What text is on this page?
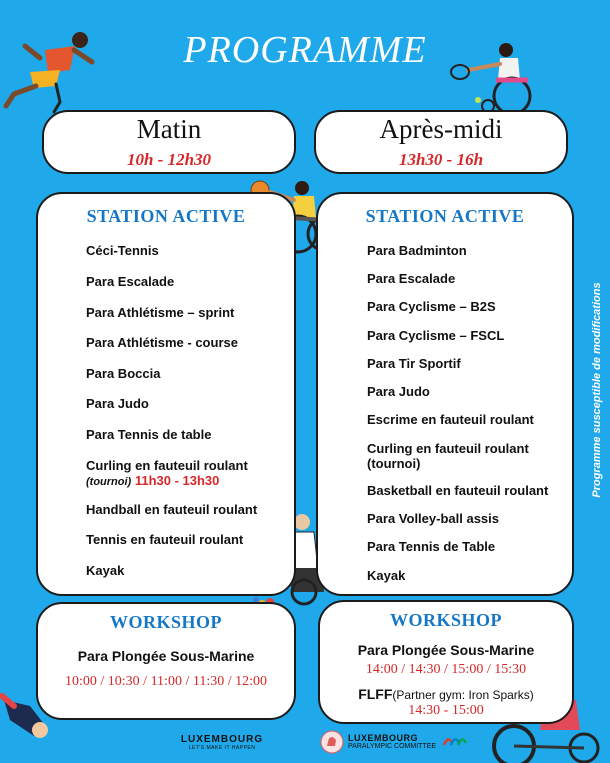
PROGRAMME
Matin
10h - 12h30
Après-midi
13h30 - 16h
STATION ACTIVE
Céci-Tennis
Para Escalade
Para Athlétisme – sprint
Para Athlétisme - course
Para Boccia
Para Judo
Para Tennis de table
Curling en fauteuil roulant
(tournoi) 11h30 - 13h30
Handball en fauteuil roulant
Tennis en fauteuil roulant
Kayak
STATION ACTIVE
Para Badminton
Para Escalade
Para Cyclisme – B2S
Para Cyclisme – FSCL
Para Tir Sportif
Para Judo
Escrime en fauteuil roulant
Curling en fauteuil roulant
(tournoi)
Basketball en fauteuil roulant
Para Volley-ball assis
Para Tennis de Table
Kayak
WORKSHOP
Para Plongée Sous-Marine
10:00 / 10:30 / 11:00 / 11:30 / 12:00
WORKSHOP
Para Plongée Sous-Marine
14:00 / 14:30 / 15:00 / 15:30
FLFF(Partner gym: Iron Sparks)
14:30 - 15:00
Programme susceptible de modifications
LUXEMBOURG
LET'S MAKE IT HAPPEN
LUXEMBOURG
PARALYMPIC COMMITTEE
